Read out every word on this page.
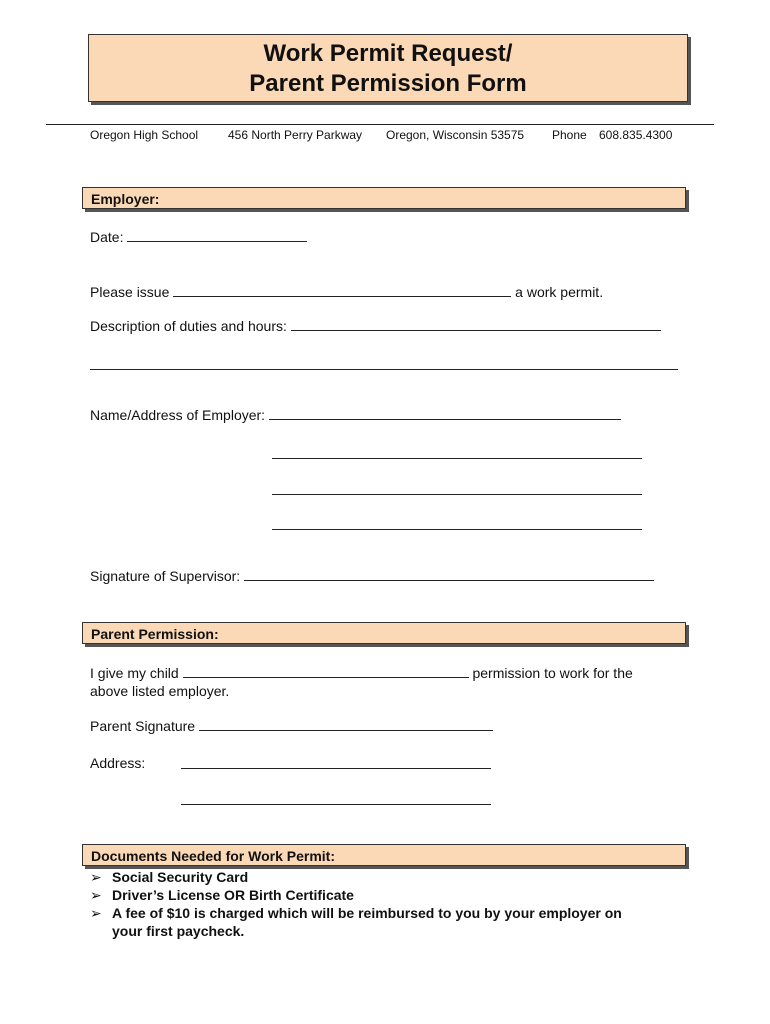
Work Permit Request/
Parent Permission Form
Oregon High School 456 North Perry Parkway Oregon, Wisconsin 53575 Phone 608.835.4300
Employer:
Date:
Please issue	a work permit.
Description of duties and hours:
Name/Address of Employer:
Signature of Supervisor:
Parent Permission:
I give my child	permission to work for the
above listed employer.
Parent Signature
Address:
Documents Needed for Work Permit:
➢ Social Security Card
➢ Driver’s License OR Birth Certificate
➢ A fee of $10 is charged which will be reimbursed to you by your employer on
your first paycheck.
